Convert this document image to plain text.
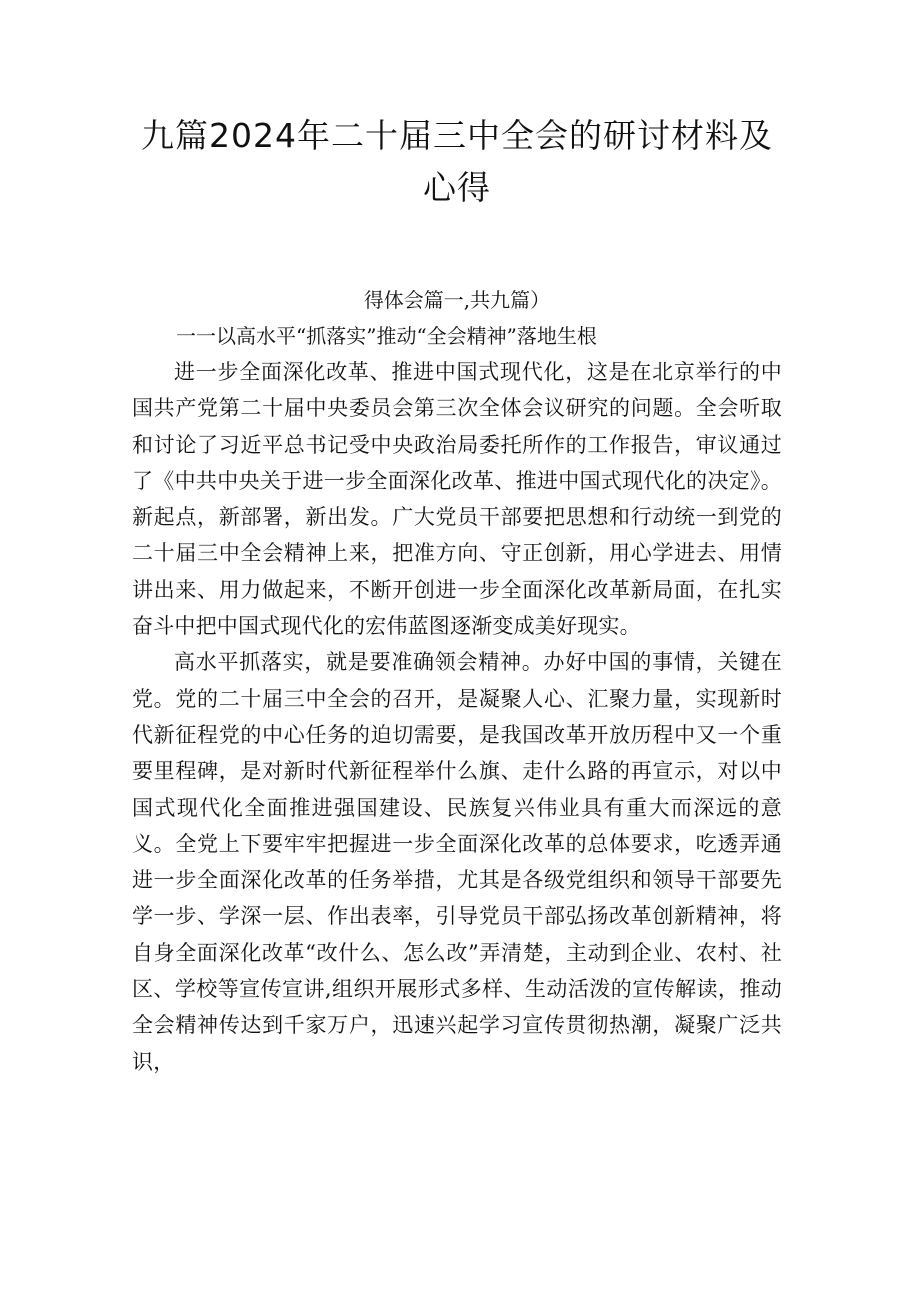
九篇2024年二十届三中全会的研讨材料及
心得

得体会篇一,共九篇）

一一以高水平“抓落实”推动“全会精神”落地生根

进一步全面深化改革、推进中国式现代化，这是在北京举行的中国共产党第二十届中央委员会第三次全体会议研究的问题。全会听取和讨论了习近平总书记受中央政治局委托所作的工作报告，审议通过了《中共中央关于进一步全面深化改革、推进中国式现代化的决定》。新起点，新部署，新出发。广大党员干部要把思想和行动统一到党的二十届三中全会精神上来，把准方向、守正创新，用心学进去、用情讲出来、用力做起来，不断开创进一步全面深化改革新局面，在扎实奋斗中把中国式现代化的宏伟蓝图逐渐变成美好现实。

高水平抓落实，就是要准确领会精神。办好中国的事情，关键在党。党的二十届三中全会的召开，是凝聚人心、汇聚力量，实现新时代新征程党的中心任务的迫切需要，是我国改革开放历程中又一个重要里程碑，是对新时代新征程举什么旗、走什么路的再宣示，对以中国式现代化全面推进强国建设、民族复兴伟业具有重大而深远的意义。全党上下要牢牢把握进一步全面深化改革的总体要求，吃透弄通进一步全面深化改革的任务举措，尤其是各级党组织和领导干部要先学一步、学深一层、作出表率，引导党员干部弘扬改革创新精神，将自身全面深化改革“改什么、怎么改”弄清楚，主动到企业、农村、社区、学校等宣传宣讲,组织开展形式多样、生动活泼的宣传解读，推动全会精神传达到千家万户，迅速兴起学习宣传贯彻热潮，凝聚广泛共识，
